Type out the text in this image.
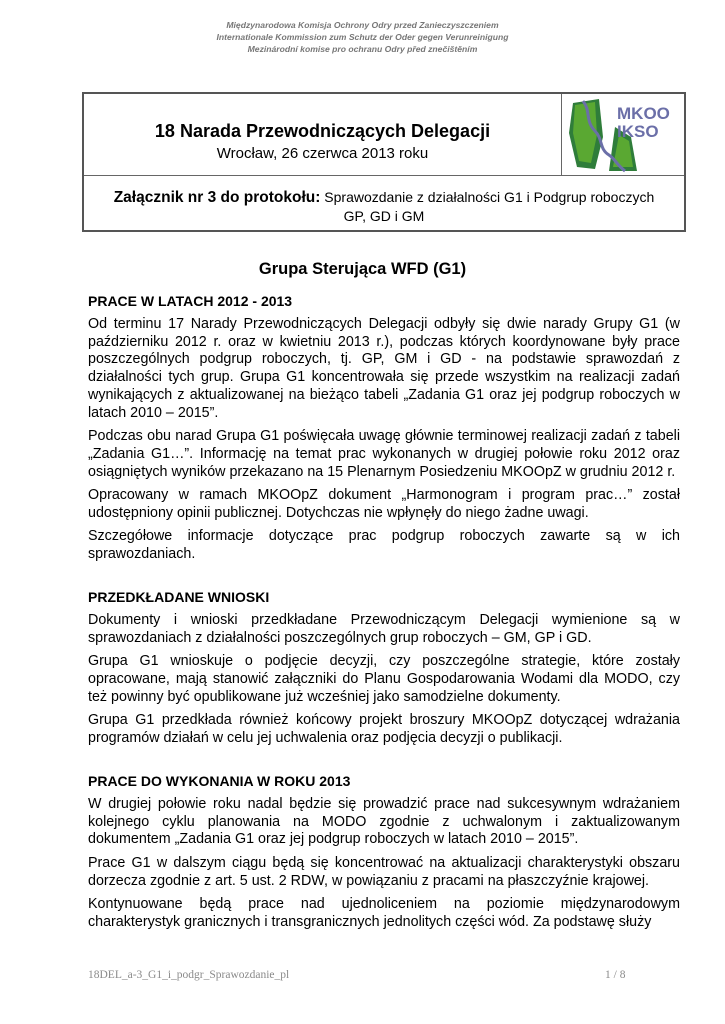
Międzynarodowa Komisja Ochrony Odry przed Zanieczyszczeniem
Internationale Kommission zum Schutz der Oder gegen Verunreinigung
Mezinárodní komise pro ochranu Odry před znečištěním
18 Narada Przewodniczących Delegacji
Wrocław, 26 czerwca 2013 roku
MKOO
IKSO
Załącznik nr 3 do protokołu: Sprawozdanie z działalności G1 i Podgrup roboczych
GP, GD i GM
Grupa Sterująca WFD (G1)
PRACE W LATACH 2012 - 2013

Od terminu 17 Narady Przewodniczących Delegacji odbyły się dwie narady Grupy G1 (w październiku 2012 r. oraz w kwietniu 2013 r.), podczas których koordynowane były prace poszczególnych podgrup roboczych, tj. GP, GM i GD - na podstawie sprawozdań z działalności tych grup. Grupa G1 koncentrowała się przede wszystkim na realizacji zadań wynikających z aktualizowanej na bieżąco tabeli „Zadania G1 oraz jej podgrup roboczych w latach 2010 – 2015”.

Podczas obu narad Grupa G1 poświęcała uwagę głównie terminowej realizacji zadań z tabeli „Zadania G1…”. Informację na temat prac wykonanych w drugiej połowie roku 2012 oraz osiągniętych wyników przekazano na 15 Plenarnym Posiedzeniu MKOOpZ w grudniu 2012 r.

Opracowany w ramach MKOOpZ dokument „Harmonogram i program prac…” został udostępniony opinii publicznej. Dotychczas nie wpłynęły do niego żadne uwagi.

Szczegółowe informacje dotyczące prac podgrup roboczych zawarte są w ich sprawozdaniach.

PRZEDKŁADANE WNIOSKI

Dokumenty i wnioski przedkładane Przewodniczącym Delegacji wymienione są w sprawozdaniach z działalności poszczególnych grup roboczych – GM, GP i GD.

Grupa G1 wnioskuje o podjęcie decyzji, czy poszczególne strategie, które zostały opracowane, mają stanowić załączniki do Planu Gospodarowania Wodami dla MODO, czy też powinny być opublikowane już wcześniej jako samodzielne dokumenty.

Grupa G1 przedkłada również końcowy projekt broszury MKOOpZ dotyczącej wdrażania programów działań w celu jej uchwalenia oraz podjęcia decyzji o publikacji.

PRACE DO WYKONANIA W ROKU 2013

W drugiej połowie roku nadal będzie się prowadzić prace nad sukcesywnym wdrażaniem kolejnego cyklu planowania na MODO zgodnie z uchwalonym i zaktualizowanym dokumentem „Zadania G1 oraz jej podgrup roboczych w latach 2010 – 2015”.

Prace G1 w dalszym ciągu będą się koncentrować na aktualizacji charakterystyki obszaru dorzecza zgodnie z art. 5 ust. 2 RDW, w powiązaniu z pracami na płaszczyźnie krajowej.

Kontynuowane będą prace nad ujednoliceniem na poziomie międzynarodowym charakterystyk granicznych i transgranicznych jednolitych części wód. Za podstawę służy

18DEL_a-3_G1_i_podgr_Sprawozdanie_pl	1 / 8
